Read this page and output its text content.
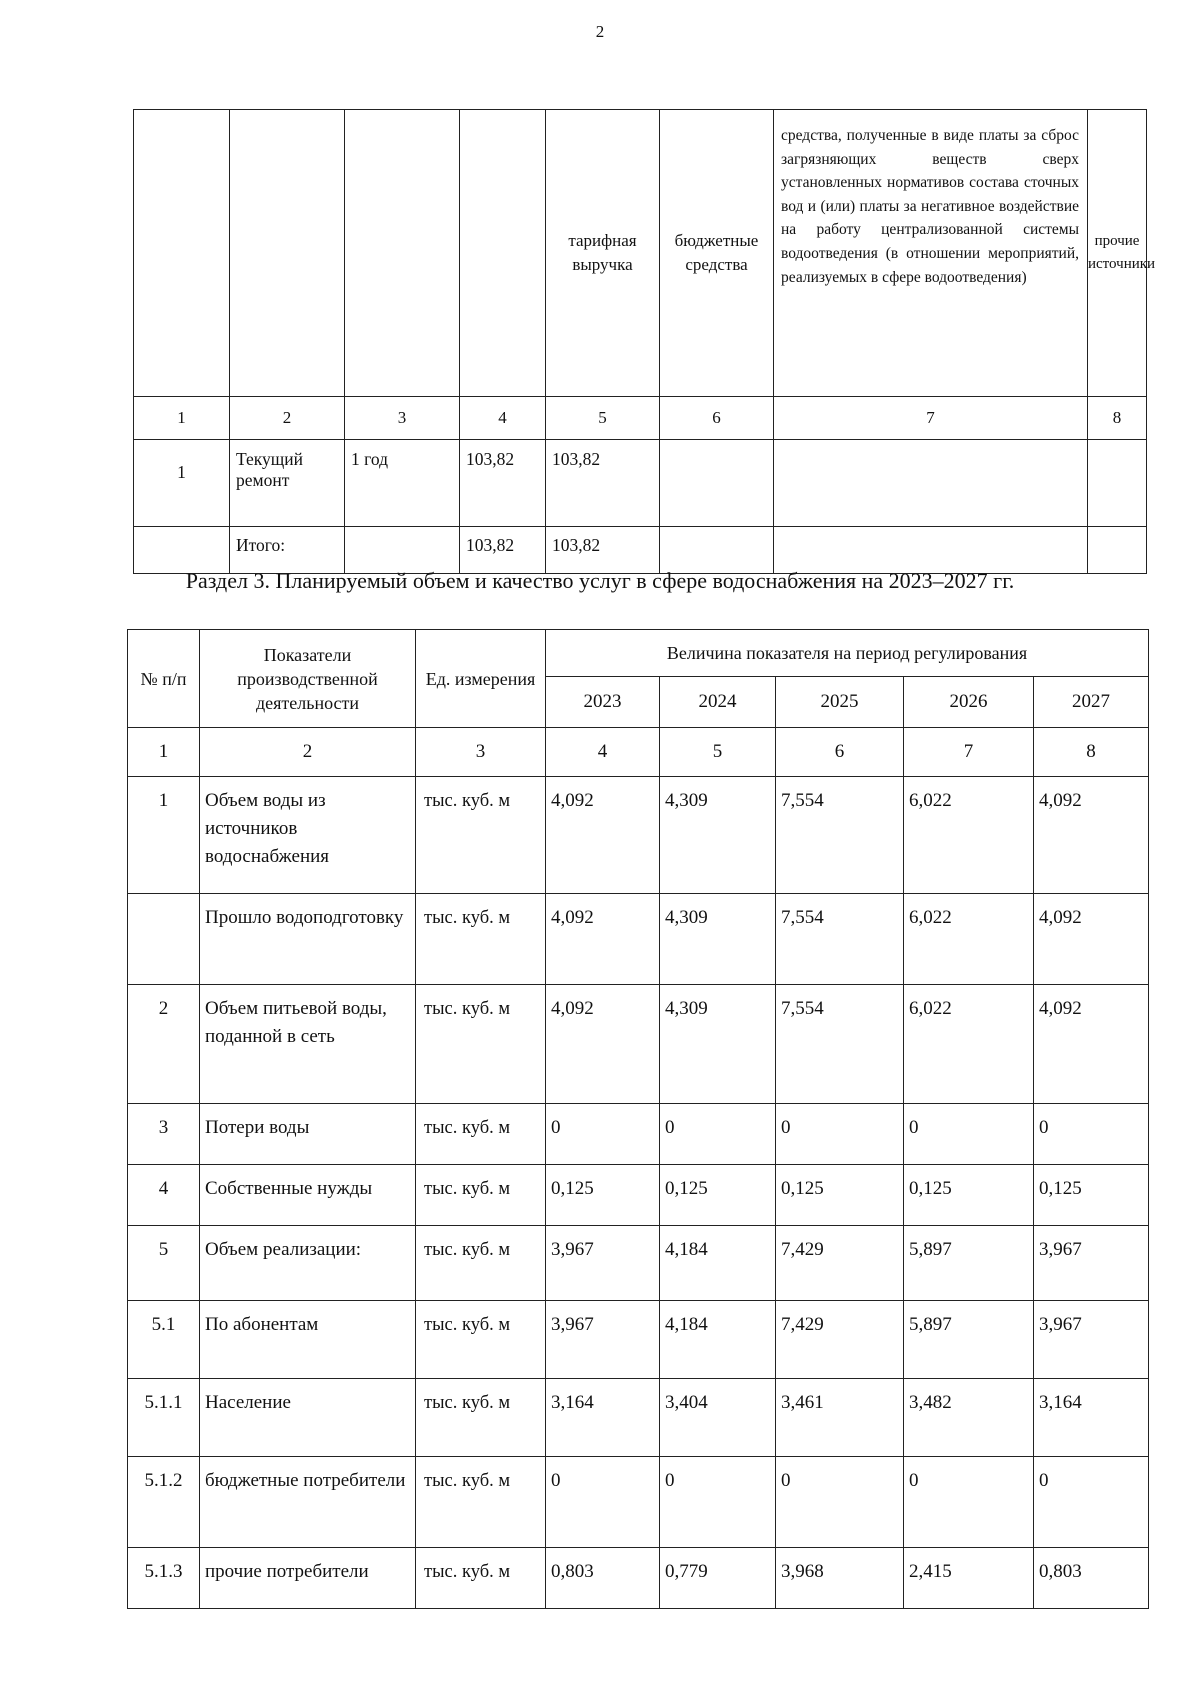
2
				тарифная выручка	бюджетные средства	средства, полученные в виде платы за сброс загрязняющих веществ сверх установленных нормативов состава сточных вод и (или) платы за негативное воздействие на работу централизованной системы водоотведения (в отношении мероприятий, реализуемых в сфере водоотведения)	прочие источники
1	2	3	4	5	6	7	8
1	Текущий ремонт	1 год	103,82	103,82			
	Итого:		103,82	103,82			
Раздел 3. Планируемый объем и качество услуг в сфере водоснабжения на 2023–2027 гг.
№ п/п	Показатели производственной деятельности	Ед. измерения	Величина показателя на период регулирования				
			2023	2024	2025	2026	2027
1	2	3	4	5	6	7	8
1	Объем воды из источников водоснабжения	тыс. куб. м	4,092	4,309	7,554	6,022	4,092
	Прошло водоподготовку	тыс. куб. м	4,092	4,309	7,554	6,022	4,092
2	Объем питьевой воды, поданной в сеть	тыс. куб. м	4,092	4,309	7,554	6,022	4,092
3	Потери воды	тыс. куб. м	0	0	0	0	0
4	Собственные нужды	тыс. куб. м	0,125	0,125	0,125	0,125	0,125
5	Объем реализации:	тыс. куб. м	3,967	4,184	7,429	5,897	3,967
5.1	По абонентам	тыс. куб. м	3,967	4,184	7,429	5,897	3,967
5.1.1	Население	тыс. куб. м	3,164	3,404	3,461	3,482	3,164
5.1.2	бюджетные потребители	тыс. куб. м	0	0	0	0	0
5.1.3	прочие потребители	тыс. куб. м	0,803	0,779	3,968	2,415	0,803
